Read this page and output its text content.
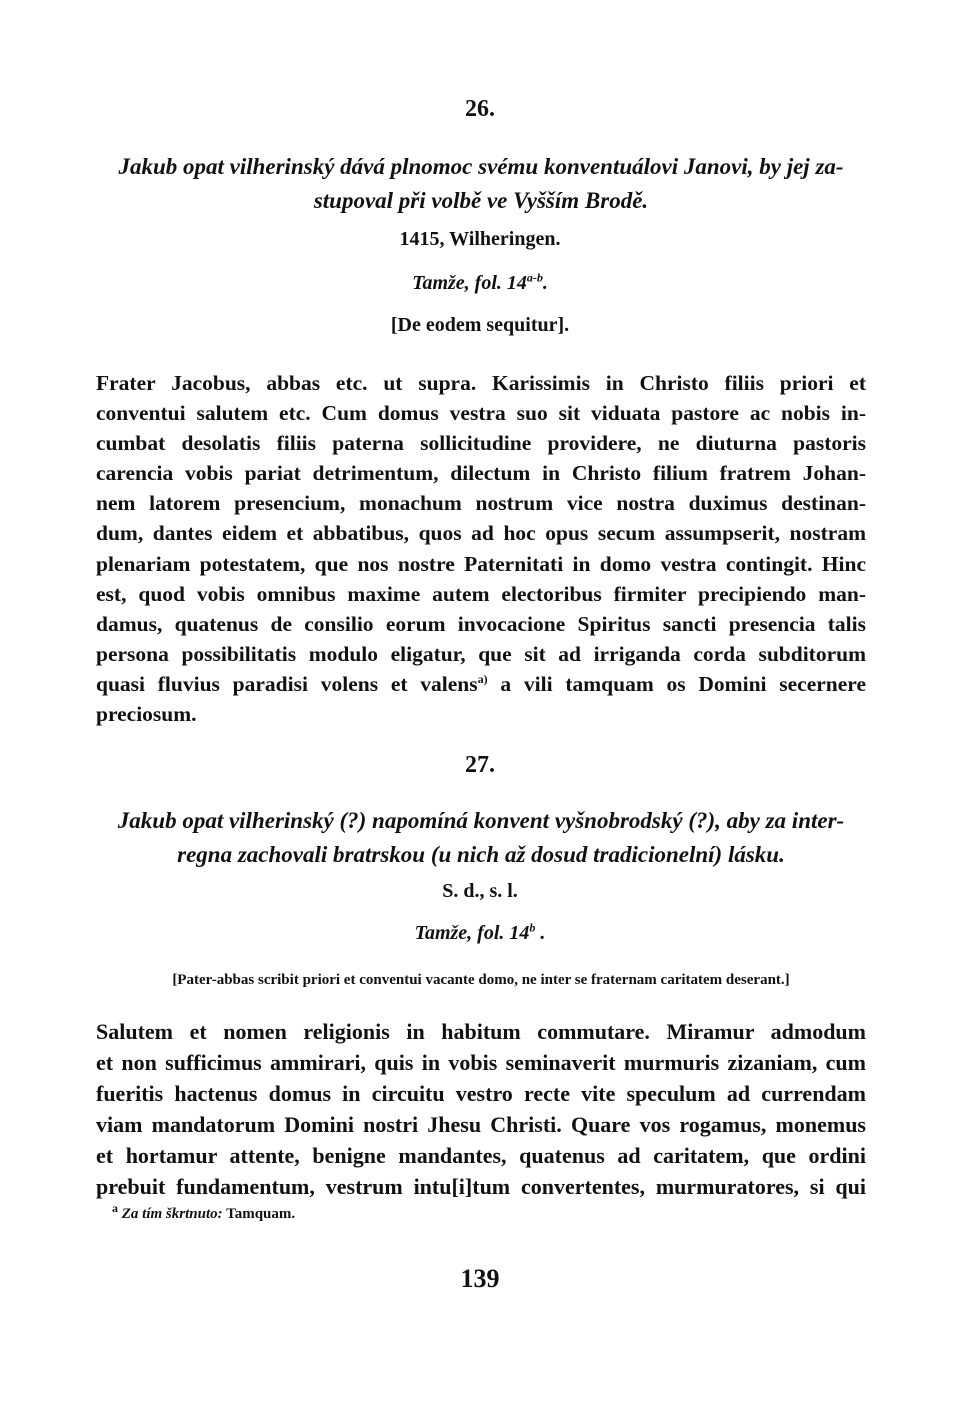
26.
Jakub opat vilherinský dává plnomoc svému konventuálovi Janovi, by jej za-
stupoval při volbě ve Vyšším Brodě.
1415, Wilheringen.
Tamže, fol. 14$^{a-b}$.
[De eodem sequitur].
Frater Jacobus, abbas etc. ut supra. Karissimis in Christo filiis priori et
conventui salutem etc. Cum domus vestra suo sit viduata pastore ac nobis in-
cumbat desolatis filiis paterna sollicitudine providere, ne diuturna pastoris
carencia vobis pariat detrimentum, dilectum in Christo filium fratrem Johan-
nem latorem presencium, monachum nostrum vice nostra duximus destinan-
dum, dantes eidem et abbatibus, quos ad hoc opus secum assumpserit, nostram
plenariam potestatem, que nos nostre Paternitati in domo vestra contingit. Hinc
est, quod vobis omnibus maxime autem electoribus firmiter precipiendo man-
damus, quatenus de consilio eorum invocacione Spiritus sancti presencia talis
persona possibilitatis modulo eligatur, que sit ad irriganda corda subditorum
quasi fluvius paradisi volens et valens$^{a)}$ a vili tamquam os Domini secernere
preciosum.
27.
Jakub opat vilherinský (?) napomíná konvent vyšnobrodský (?), aby za inter-
regna zachovali bratrskou (u nich až dosud tradicionelní) lásku.
S. d., s. l.
Tamže, fol. 14$^b$ .
[Pater-abbas scribit priori et conventui vacante domo, ne inter se fraternam caritatem deserant.]
Salutem et nomen religionis in habitum commutare. Miramur admodum
et non sufficimus ammirari, quis in vobis seminaverit murmuris zizaniam, cum
fueritis hactenus domus in circuitu vestro recte vite speculum ad currendam
viam mandatorum Domini nostri Jhesu Christi. Quare vos rogamus, monemus
et hortamur attente, benigne mandantes, quatenus ad caritatem, que ordini
prebuit fundamentum, vestrum intu[i]tum convertentes, murmuratores, si qui
$^a$ Za tím škrtnuto: Tamquam.
139
